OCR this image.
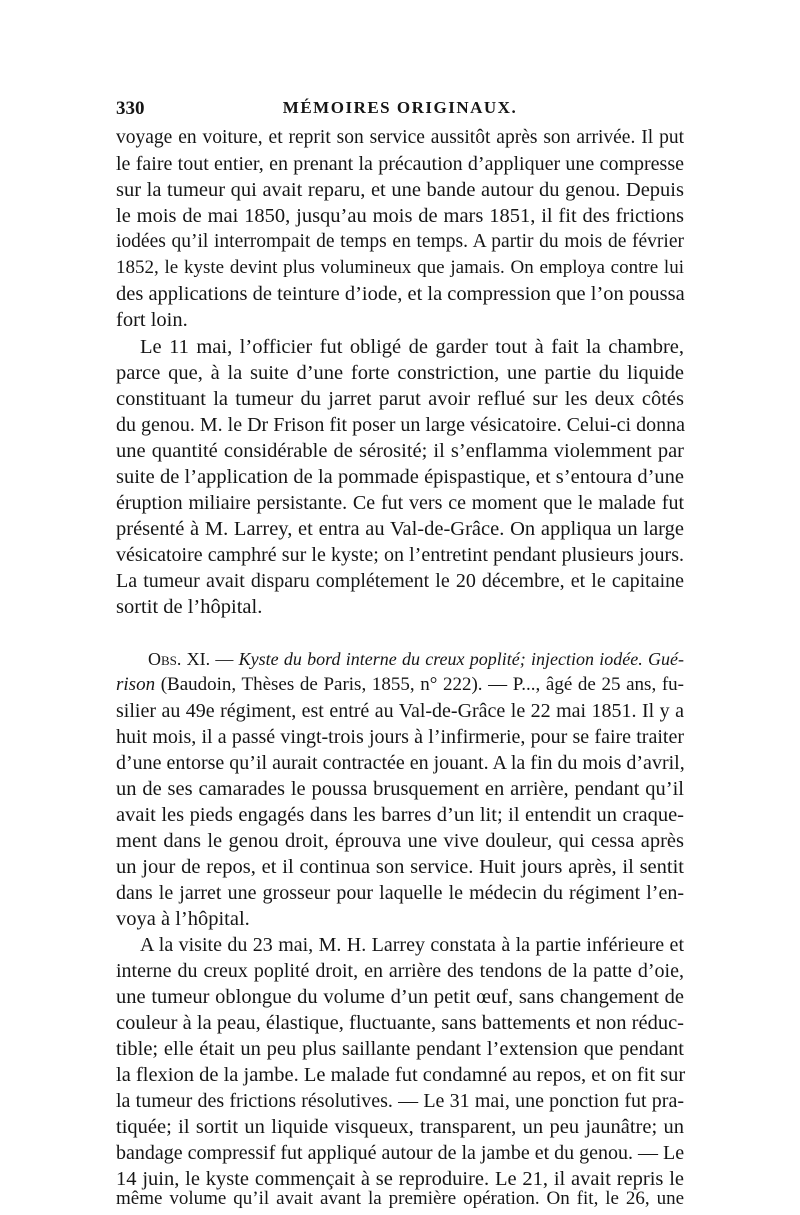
330	MÉMOIRES ORIGINAUX.
voyage en voiture, et reprit son service aussitôt après son arrivée. Il put
le faire tout entier, en prenant la précaution d’appliquer une compresse
sur la tumeur qui avait reparu, et une bande autour du genou. Depuis
le mois de mai 1850, jusqu’au mois de mars 1851, il fit des frictions
iodées qu’il interrompait de temps en temps. A partir du mois de février
1852, le kyste devint plus volumineux que jamais. On employa contre lui
des applications de teinture d’iode, et la compression que l’on poussa
fort loin.
Le 11 mai, l’officier fut obligé de garder tout à fait la chambre,
parce que, à la suite d’une forte constriction, une partie du liquide
constituant la tumeur du jarret parut avoir reflué sur les deux côtés
du genou. M. le Dr Frison fit poser un large vésicatoire. Celui-ci donna
une quantité considérable de sérosité; il s’enflamma violemment par
suite de l’application de la pommade épispastique, et s’entoura d’une
éruption miliaire persistante. Ce fut vers ce moment que le malade fut
présenté à M. Larrey, et entra au Val-de-Grâce. On appliqua un large
vésicatoire camphré sur le kyste; on l’entretint pendant plusieurs jours.
La tumeur avait disparu complétement le 20 décembre, et le capitaine
sortit de l’hôpital.
Obs. XI. — Kyste du bord interne du creux poplité; injection iodée. Gué-
rison (Baudoin, Thèses de Paris, 1855, n° 222). — P..., âgé de 25 ans, fu-
silier au 49e régiment, est entré au Val-de-Grâce le 22 mai 1851. Il y a
huit mois, il a passé vingt-trois jours à l’infirmerie, pour se faire traiter
d’une entorse qu’il aurait contractée en jouant. A la fin du mois d’avril,
un de ses camarades le poussa brusquement en arrière, pendant qu’il
avait les pieds engagés dans les barres d’un lit; il entendit un craque-
ment dans le genou droit, éprouva une vive douleur, qui cessa après
un jour de repos, et il continua son service. Huit jours après, il sentit
dans le jarret une grosseur pour laquelle le médecin du régiment l’en-
voya à l’hôpital.
A la visite du 23 mai, M. H. Larrey constata à la partie inférieure et
interne du creux poplité droit, en arrière des tendons de la patte d’oie,
une tumeur oblongue du volume d’un petit œuf, sans changement de
couleur à la peau, élastique, fluctuante, sans battements et non réduc-
tible; elle était un peu plus saillante pendant l’extension que pendant
la flexion de la jambe. Le malade fut condamné au repos, et on fit sur
la tumeur des frictions résolutives. — Le 31 mai, une ponction fut pra-
tiquée; il sortit un liquide visqueux, transparent, un peu jaunâtre; un
bandage compressif fut appliqué autour de la jambe et du genou. — Le
14 juin, le kyste commençait à se reproduire. Le 21, il avait repris le
même volume qu’il avait avant la première opération. On fit, le 26, une
